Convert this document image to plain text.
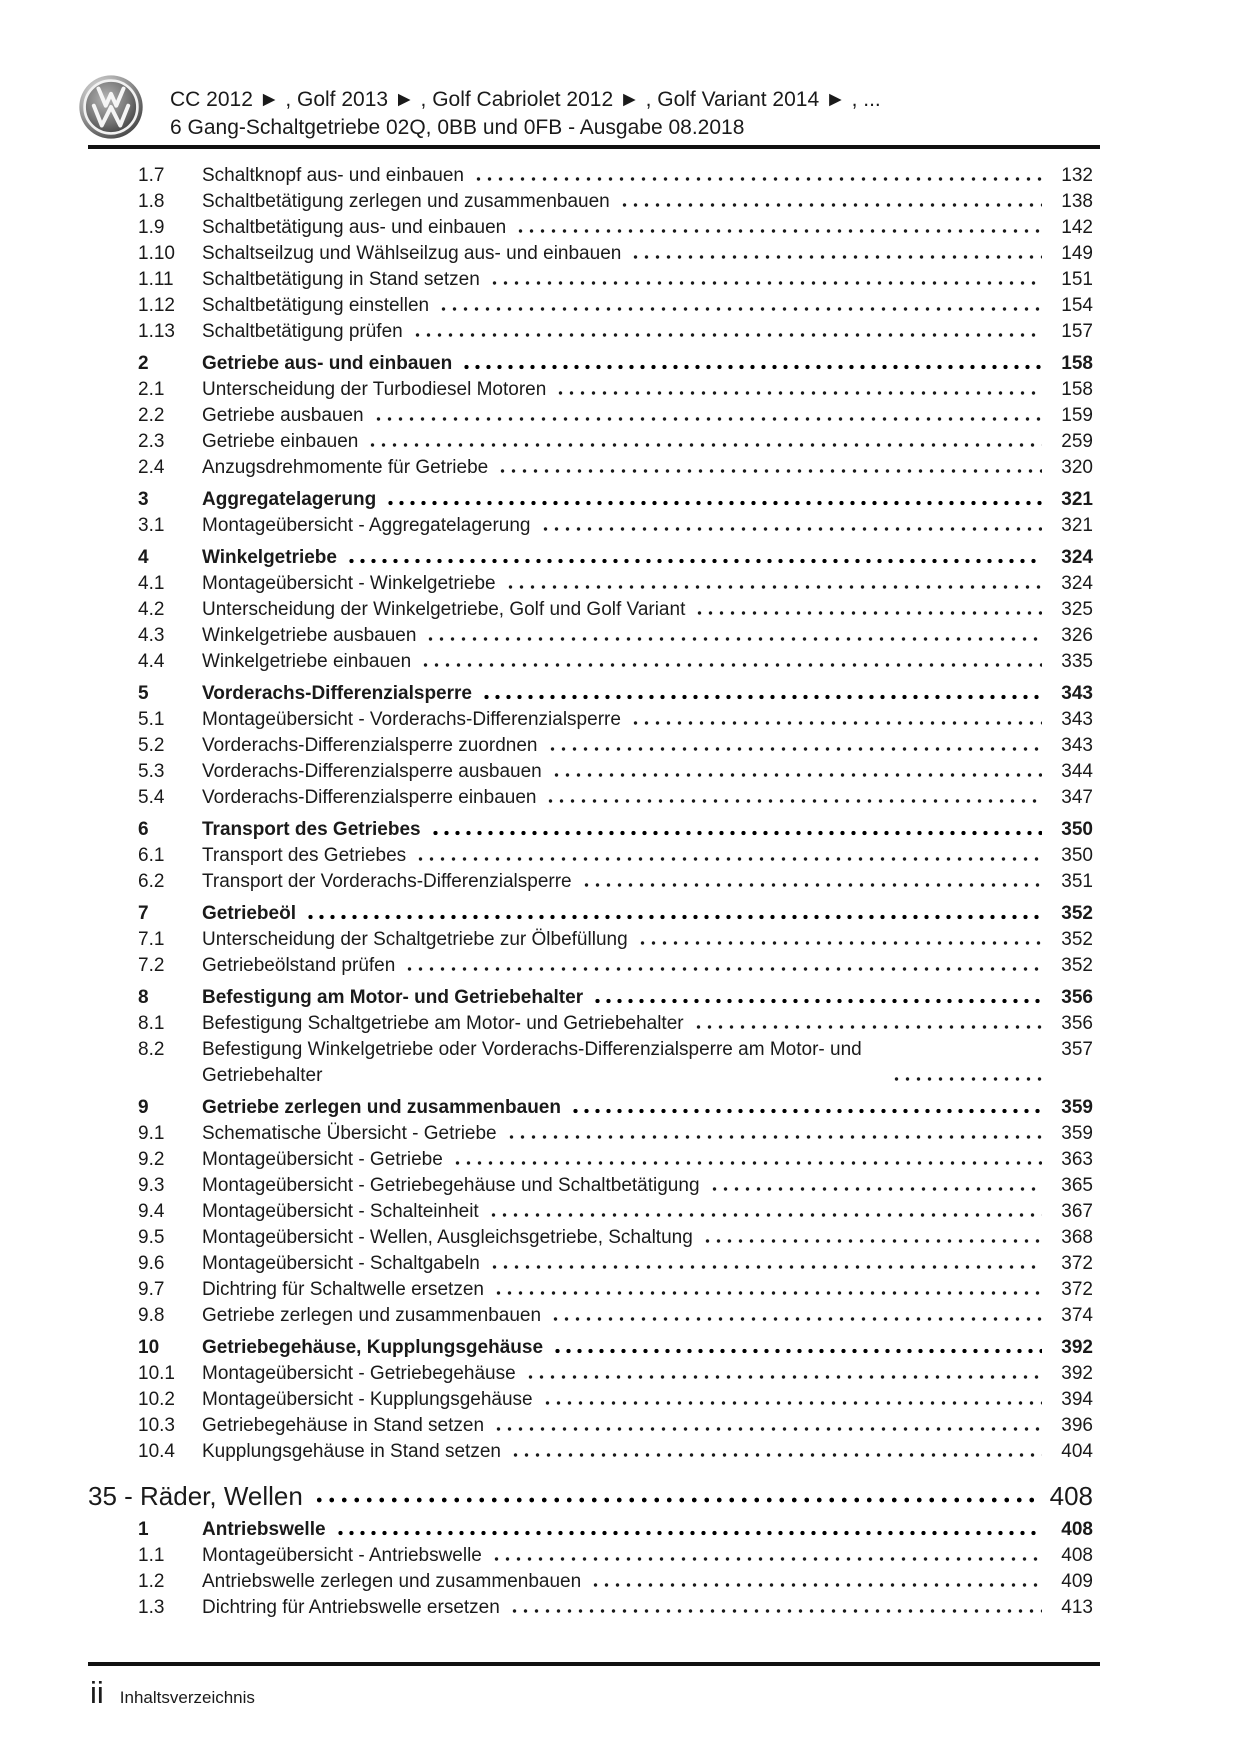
CC 2012 ► , Golf 2013 ► , Golf Cabriolet 2012 ► , Golf Variant 2014 ► , ...
6 Gang-Schaltgetriebe 02Q, 0BB und 0FB - Ausgabe 08.2018
1.7	Schaltknopf aus- und einbauen	132
1.8	Schaltbetätigung zerlegen und zusammenbauen	138
1.9	Schaltbetätigung aus- und einbauen	142
1.10	Schaltseilzug und Wählseilzug aus- und einbauen	149
1.11	Schaltbetätigung in Stand setzen	151
1.12	Schaltbetätigung einstellen	154
1.13	Schaltbetätigung prüfen	157
2	Getriebe aus- und einbauen	158
2.1	Unterscheidung der Turbodiesel Motoren	158
2.2	Getriebe ausbauen	159
2.3	Getriebe einbauen	259
2.4	Anzugsdrehmomente für Getriebe	320
3	Aggregatelagerung	321
3.1	Montageübersicht - Aggregatelagerung	321
4	Winkelgetriebe	324
4.1	Montageübersicht - Winkelgetriebe	324
4.2	Unterscheidung der Winkelgetriebe, Golf und Golf Variant	325
4.3	Winkelgetriebe ausbauen	326
4.4	Winkelgetriebe einbauen	335
5	Vorderachs-Differenzialsperre	343
5.1	Montageübersicht - Vorderachs-Differenzialsperre	343
5.2	Vorderachs-Differenzialsperre zuordnen	343
5.3	Vorderachs-Differenzialsperre ausbauen	344
5.4	Vorderachs-Differenzialsperre einbauen	347
6	Transport des Getriebes	350
6.1	Transport des Getriebes	350
6.2	Transport der Vorderachs-Differenzialsperre	351
7	Getriebeöl	352
7.1	Unterscheidung der Schaltgetriebe zur Ölbefüllung	352
7.2	Getriebeölstand prüfen	352
8	Befestigung am Motor- und Getriebehalter	356
8.1	Befestigung Schaltgetriebe am Motor- und Getriebehalter	356
8.2	Befestigung Winkelgetriebe oder Vorderachs-Differenzialsperre am Motor- und Getriebehalter
357
9	Getriebe zerlegen und zusammenbauen	359
9.1	Schematische Übersicht - Getriebe	359
9.2	Montageübersicht - Getriebe	363
9.3	Montageübersicht - Getriebegehäuse und Schaltbetätigung	365
9.4	Montageübersicht - Schalteinheit	367
9.5	Montageübersicht - Wellen, Ausgleichsgetriebe, Schaltung	368
9.6	Montageübersicht - Schaltgabeln	372
9.7	Dichtring für Schaltwelle ersetzen	372
9.8	Getriebe zerlegen und zusammenbauen	374
10	Getriebegehäuse, Kupplungsgehäuse	392
10.1	Montageübersicht - Getriebegehäuse	392
10.2	Montageübersicht - Kupplungsgehäuse	394
10.3	Getriebegehäuse in Stand setzen	396
10.4	Kupplungsgehäuse in Stand setzen	404
35 - Räder, Wellen	408
1	Antriebswelle	408
1.1	Montageübersicht - Antriebswelle	408
1.2	Antriebswelle zerlegen und zusammenbauen	409
1.3	Dichtring für Antriebswelle ersetzen	413
ii Inhaltsverzeichnis
